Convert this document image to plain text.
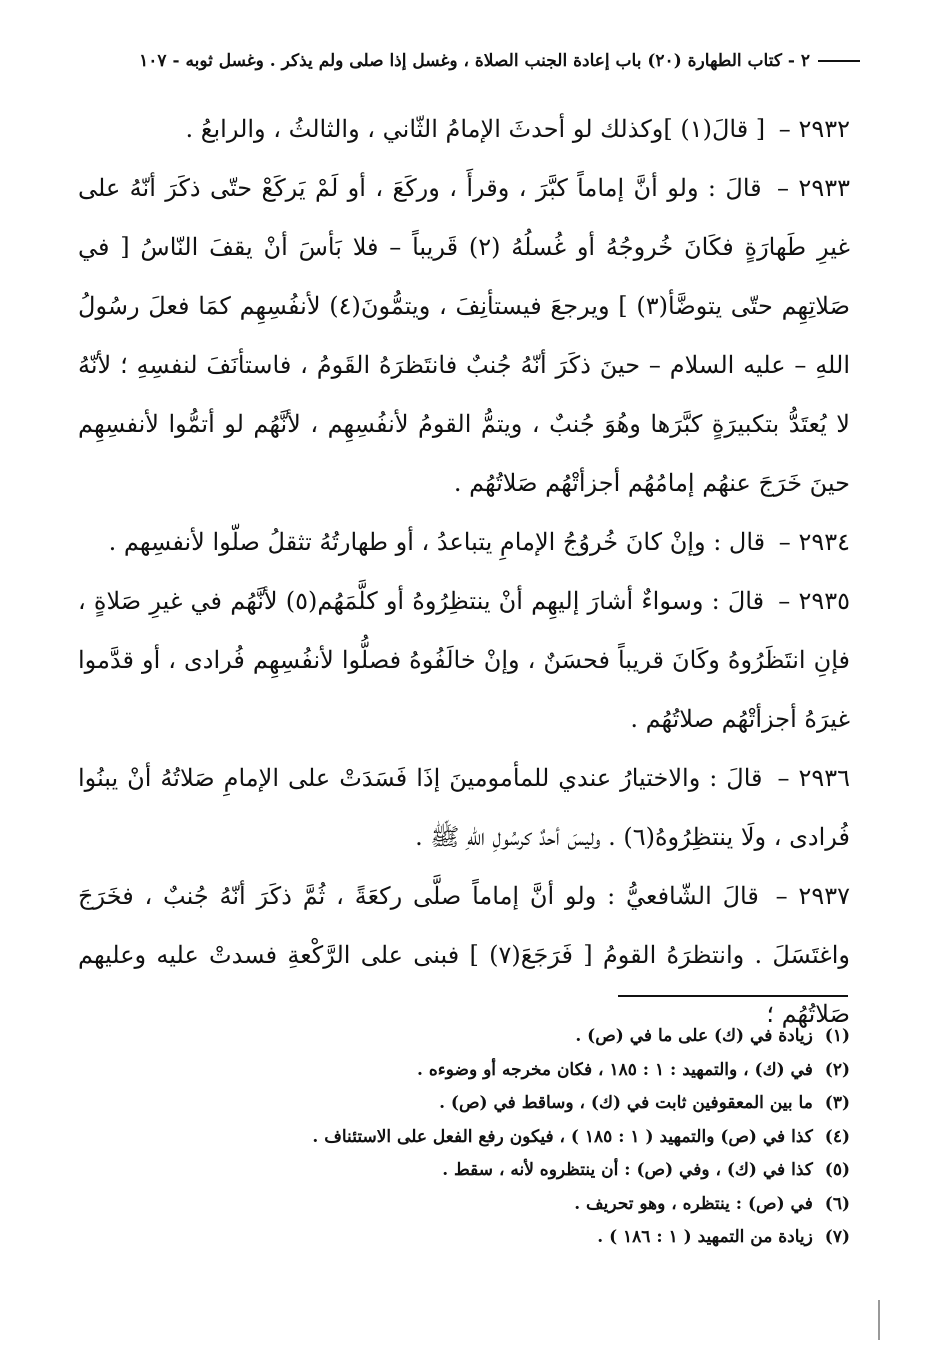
٢ - كتاب الطهارة (٢٠) باب إعادة الجنب الصلاة ، وغسل إذا صلى ولم يذكر . وغسل ثوبه - ١٠٧

٢٩٣٢ – [ قالَ(١) ]وكذلك لو أحدثَ الإمامُ الثّاني ، والثالثُ ، والرابعُ .

٢٩٣٣ – قالَ : ولو أنَّ إماماً كبَّرَ ، وقرأَ ، وركَعَ ، أو لَمْ يَركَعْ حتّى ذكَرَ أنّهُ على غيرِ طَهارَةٍ فكَانَ خُروجُهُ أو غُسلُهُ (٢) قَريباً – فلا بَأسَ أنْ يقفَ النّاسُ [ في صَلاتِهِم حتّى يتوضَّأ(٣) ] ويرجعَ فيستأنِفَ ، ويتمُّونَ(٤) لأنفُسِهِم كمَا فعلَ رسُولُ اللهِ – عليه السلام – حينَ ذكَرَ أنّهُ جُنبٌ فانتَظرَهُ القَومُ ، فاستأنَفَ لنفسِهِ ؛ لأنّهُ لا يُعتَدُّ بتكبيرَةٍ كبَّرَها وهُوَ جُنبٌ ، ويتمُّ القومُ لأنفُسِهِم ، لأنَّهُم لو أتمُّوا لأنفسِهِم حينَ خَرَجَ عنهُم إمامُهُم أجزأتْهُم صَلاتُهُم .

٢٩٣٤ – قال : وإنْ كانَ خُروُجُ الإمامِ يتباعدُ ، أو طهارتُهُ تثقلُ صلّوا لأنفسِهم .

٢٩٣٥ – قالَ : وسواءٌ أشارَ إليهِم أنْ ينتظِرُوهُ أو كلَّمَهُم(٥) لأنَّهُم في غيرِ صَلاةٍ ، فإنِ انتَظَرُوهُ وكَانَ قريباً فحسَنٌ ، وإنْ خالَفُوهُ فصلُّوا لأنفُسِهِم فُرادى ، أو قدَّموا غيرَهُ أجزأتْهُم صلاتُهُم .

٢٩٣٦ – قالَ : والاختيارُ عندي للمأمومينَ إذَا فَسَدَتْ على الإمامِ صَلاتُهُ أنْ يبنُوا فُرادى ، ولَا ينتظِرُوهُ(٦) . وليسَ أحدٌ كرسُولِ اللهِ ﷺ .

٢٩٣٧ – قالَ الشّافعيُّ : ولو أنَّ إماماً صلَّى ركعَةً ، ثُمَّ ذكَرَ أنّهُ جُنبٌ ، فخَرَجَ واغتَسَلَ . وانتظرَهُ القومُ [ فَرَجَعَ(٧) ] فبنى على الرَّكْعةِ فسدتْ عليه وعليهم صَلاتُهُم ؛

(١) زيادة في (ك) على ما في (ص) .

(٢) في (ك) ، والتمهيد : ١ : ١٨٥ ، فكان مخرجه أو وضوءه .

(٣) ما بين المعقوفين ثابت في (ك) ، وساقط في (ص) .

(٤) كذا في (ص) والتمهيد ( ١ : ١٨٥ ) ، فيكون رفع الفعل على الاستئناف .

(٥) كذا في (ك) ، وفي (ص) : أن ينتظروه لأنه ، سقط .

(٦) في (ص) : ينتظره ، وهو تحريف .

(٧) زيادة من التمهيد ( ١ : ١٨٦ ) .
